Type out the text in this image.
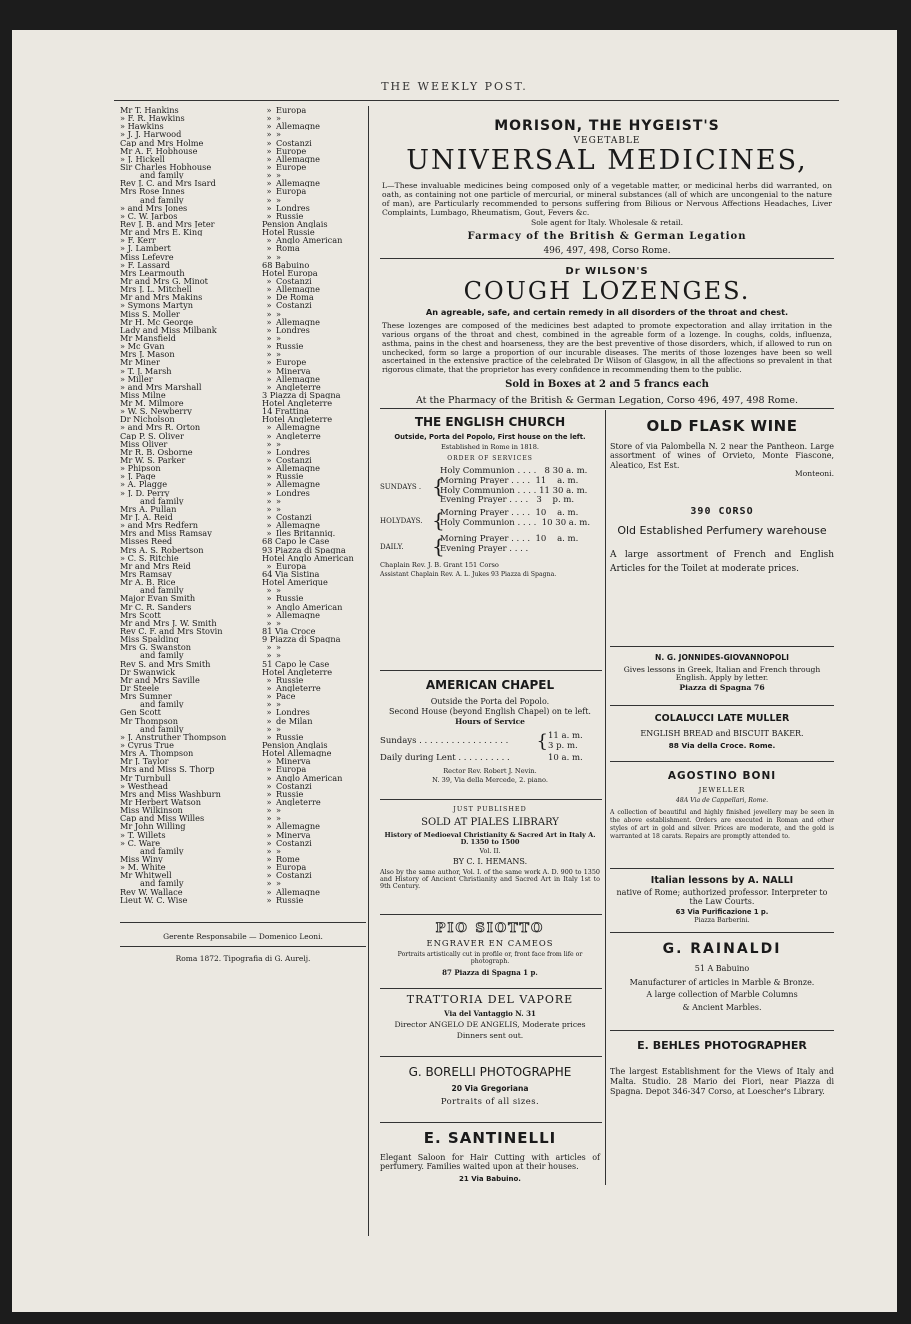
THE WEEKLY POST.
Mr T. Hankins	» Europa
» F. R. Hawkins	» »
» Hawkins	» Allemagne
» J. J. Harwood	» »
Cap and Mrs Holme	» Costanzi
Mr A. F. Hobhouse	» Europe
» J. Hickell	» Allemagne
Sir Charles Hobhouse	» Europe
and family	» »
Rev J. C. and Mrs Isard	» Allemagne
Mrs Rose Innes	» Europa
and family	» »
» and Mrs Jones	» Londres
» C. W. Jarbos	» Russie
Rev J. B. and Mrs Jeter	Pension Anglais
Mr and Mrs E. King	Hotel Russie
» F. Kerr	» Anglo American
» J. Lambert	» Roma
Miss Lefevre	» »
» F. Lassard	68 Babuino
Mrs Learmouth	Hotel Europa
Mr and Mrs G. Minot	» Costanzi
Mrs J. L. Mitchell	» Allemagne
Mr and Mrs Makins	» De Roma
» Symons Martyn	» Costanzi
Miss S. Moller	» »
Mr H. Mc George	» Allemagne
Lady and Miss Milbank	» Londres
Mr Mansfield	» »
» Mc Gvan	» Russie
Mrs J. Mason	» »
Mr Miner	» Europe
» T. J. Marsh	» Minerva
» Miller	» Allemagne
» and Mrs Marshall	» Angleterre
Miss Milne	3 Piazza di Spagna
Mr M. Milmore	Hotel Angleterre
» W. S. Newberry	14 Frattina
Dr Nicholson	Hotel Angleterre
» and Mrs R. Orton	» Allemagne
Cap P. S. Oliver	» Angleterre
Miss Oliver	» »
Mr R. B. Osborne	» Londres
Mr W. S. Parker	» Costanzi
» Phipson	» Allemagne
» J. Page	» Russie
» A. Plagge	» Allemagne
» J. D. Perry	» Londres
and family	» »
Mrs A. Pullan	» »
Mr J. A. Reid	» Costanzi
» and Mrs Redfern	» Allemagne
Mrs and Miss Ramsay	» Iles Britanniq.
Misses Reed	68 Capo le Case
Mrs A. S. Robertson	93 Piazza di Spagna
» C. S. Ritchie	Hotel Anglo American
Mr and Mrs Reid	» Europa
Mrs Ramsay	64 Via Sistina
Mr A. B. Rice	Hotel Amerique
and family	» »
Major Evan Smith	» Russie
Mr C. R. Sanders	» Anglo American
Mrs Scott	» Allemagne
Mr and Mrs J. W. Smith	» »
Rev C. F. and Mrs Stovin	81 Via Croce
Miss Spalding	9 Piazza di Spagna
Mrs G. Swanston	» »
and family	» »
Rev S. and Mrs Smith	51 Capo le Case
Dr Swanwick	Hotel Angleterre
Mr and Mrs Saville	» Russie
Dr Steele	» Angleterre
Mrs Sumner	» Pace
and family	» »
Gen Scott	» Londres
Mr Thompson	» de Milan
and family	» »
» J. Anstruther Thompson	» Russie
» Cyrus True	Pension Anglais
Mrs A. Thompson	Hotel Allemagne
Mr J. Taylor	» Minerva
Mrs and Miss S. Thorp	» Europa
Mr Turnbull	» Anglo American
» Westhead	» Costanzi
Mrs and Miss Washburn	» Russie
Mr Herbert Watson	» Angleterre
Miss Wilkinson	» »
Cap and Miss Willes	» »
Mr John Willing	» Allemagne
» T. Willets	» Minerva
» C. Ware	» Costanzi
and family	» »
Miss Winy	» Rome
» M. White	» Europa
Mr Whitwell	» Costanzi
and family	» »
Rev W. Wallace	» Allemagne
Lieut W. C. Wise	» Russie
Gerente Responsabile — Domenico Leoni.
Roma 1872. Tipografia di G. Aurelj.
MORISON, THE HYGEIST'S
VEGETABLE
UNIVERSAL MEDICINES,
L—These invaluable medicines being composed only of a vegetable matter, or medicinal herbs did warranted, on oath, as containing not one particle of mercurial, or mineral substances (all of which are uncongenial to the nature of man), are Particularly recommended to persons suffering from Bilious or Nervous Affections Headaches, Liver Complaints, Lumbago, Rheumatism, Gout, Fevers &c.
Sole agent for Italy. Wholesale & retail.
Farmacy of the British & German Legation
496, 497, 498, Corso Rome.
Dr WILSON'S
COUGH LOZENGES.
An agreable, safe, and certain remedy in all disorders of the throat and chest.
These lozenges are composed of the medicines best adapted to promote expectoration and allay irritation in the various organs of the throat and chest, combined in the agreable form of a lozenge. In coughs, colds, influenza, asthma, pains in the chest and hoarseness, they are the best preventive of those disorders, which, if allowed to run on unchecked, form so large a proportion of our incurable diseases. The merits of those lozenges have been so well ascertained in the extensive practice of the celebrated Dr Wilson of Glasgow, in all the affections so prevalent in that rigorous climate, that the proprietor has every confidence in recommending them to the public.
Sold in Boxes at 2 and 5 francs each
At the Pharmacy of the British & German Legation, Corso 496, 497, 498 Rome.
THE ENGLISH CHURCH
Outside, Porta del Popolo, First house on the left.
Established in Rome in 1818.
ORDER OF SERVICES
SUNDAYS . {
Holy Communion . . . .   8 30 a. m.
Morning Prayer . . . .  11    a. m.
Holy Communion . . . . 11 30 a. m.
Evening Prayer . . . .   3    p. m.
HOLYDAYS. {
Morning Prayer . . . .  10    a. m.
Holy Communion . . . .  10 30 a. m.
DAILY.	{
Morning Prayer . . . .  10    a. m.
Evening Prayer . . . .
Chaplain Rev. J. B. Grant 151 Corso
Assistant Chaplain Rev. A. L. Jukes 93 Piazza di Spagna.
AMERICAN CHAPEL
Outside the Porta del Popolo.
Second House (beyond English Chapel) on te left.
Hours of Service
Sundays . . . . . . . . . . . . . . . . .	{ 11 a. m.
3 p. m.
Daily during Lent . . . . . . . . . .	10 a. m.
Rector Rev. Robert J. Nevin.
N. 39, Via della Mercede, 2. piano.
JUST PUBLISHED
SOLD AT PIALES LIBRARY
History of Medioeval Christianity & Sacred Art in Italy A. D. 1350 to 1500
Vol. II.
BY C. I. HEMANS.
Also by the same author, Vol. I. of the same work A. D. 900 to 1350 and History of Ancient Christianity and Sacred Art in Italy 1st to 9th Century.
PIO SIOTTO
ENGRAVER EN CAMEOS
Portraits artistically cut in profile or, front face from life or photograph.
87 Piazza di Spagna 1 p.
TRATTORIA DEL VAPORE
Via del Vantaggio N. 31
Director ANGELO DE ANGELIS, Moderate prices
Dinners sent out.
G. BORELLI PHOTOGRAPHE
20 Via Gregoriana
Portraits of all sizes.
E. SANTINELLI
Elegant Saloon for Hair Cutting with articles of perfumery. Families waited upon at their houses.
21 Via Babuino.
OLD FLASK WINE
Store of via Palombella N. 2 near the Pantheon. Large assortment of wines of Orvieto, Monte Fiascone, Aleatico, Est Est.
Monteoni.
390 CORSO
Old Established Perfumery warehouse
A large assortment of French and English Articles for the Toilet at moderate prices.
N. G. JONNIDES-GIOVANNOPOLI
Gives lessons in Greek, Italian and French through English. Apply by letter.
Piazza di Spagna 76
COLALUCCI LATE MULLER
ENGLISH BREAD and BISCUIT BAKER.
88 Via della Croce. Rome.
AGOSTINO BONI
JEWELLER
48A Via de Cappellari, Rome.
A collection of beautiful and highly finished jewellery may be seen in the above establishment. Orders are executed in Roman and other styles of art in gold and silver. Prices are moderate, and the gold is warranted at 18 carats. Repairs are promptly attended to.
Italian lessons by A. NALLI
native of Rome; authorized professor. Interpreter to the Law Courts.
63 Via Purificazione 1 p.
Piazza Barberini.
G. RAINALDI
51 A Babuino
Manufacturer of articles in Marble & Bronze.
A large collection of Marble Columns
& Ancient Marbles.
E. BEHLES PHOTOGRAPHER
The largest Establishment for the Views of Italy and Malta. Studio. 28 Mario dei Fiori, near Piazza di Spagna. Depot 346-347 Corso, at Loescher's Library.
